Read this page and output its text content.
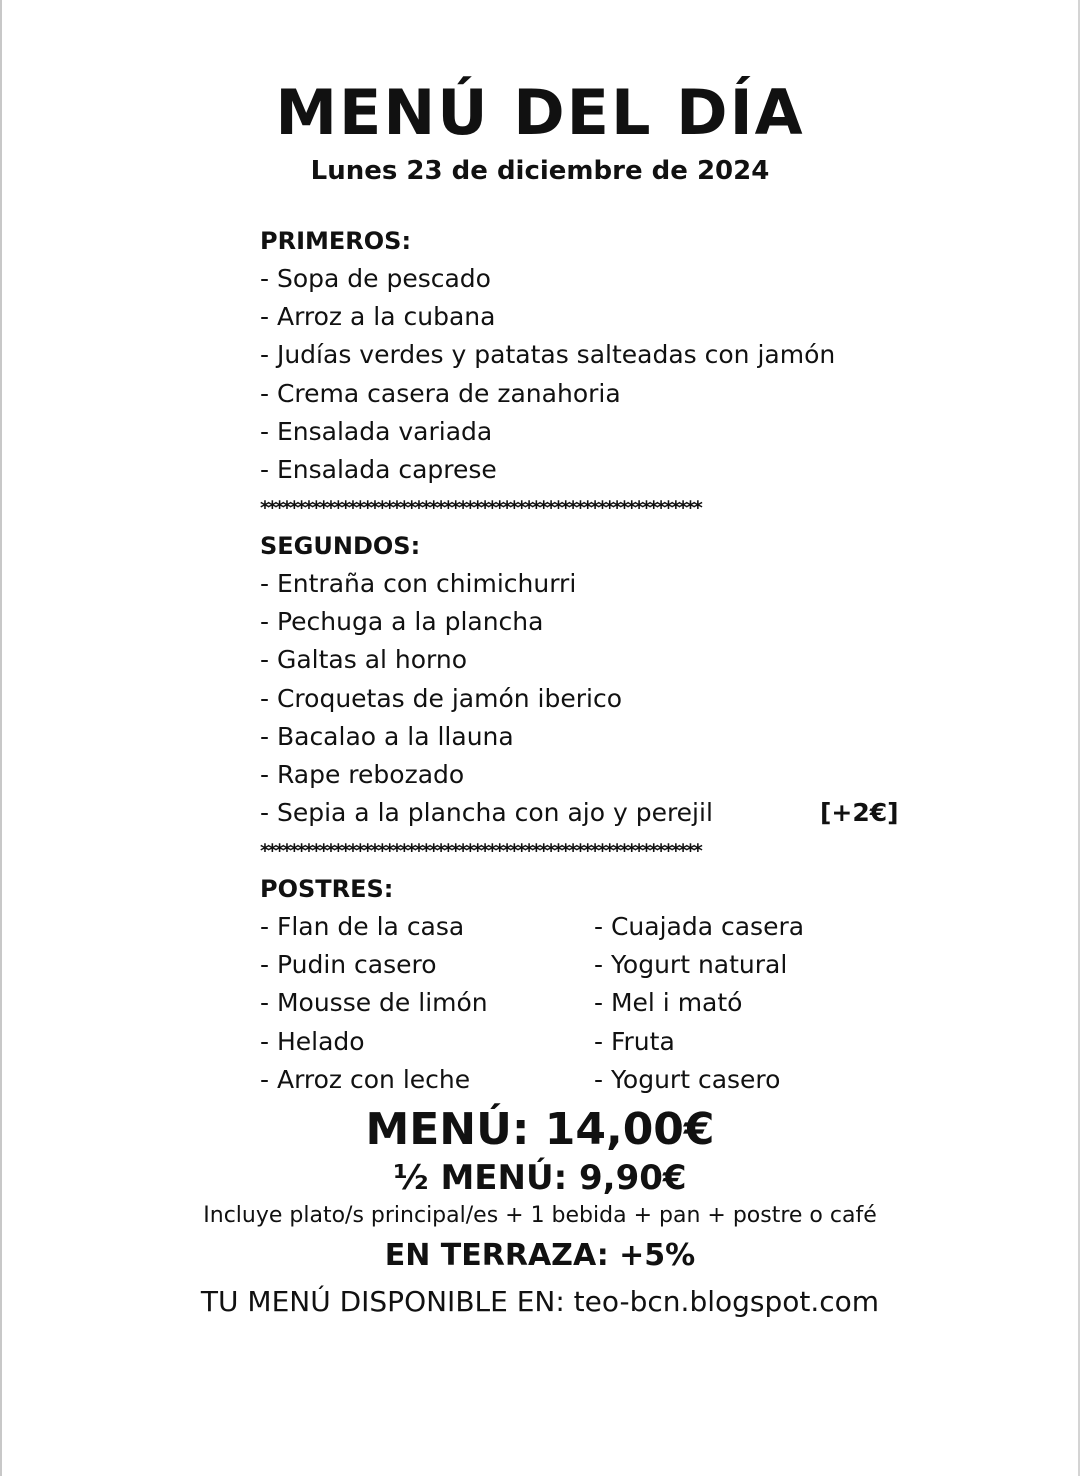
MENÚ DEL DÍA
Lunes 23 de diciembre de 2024
PRIMEROS:
- Sopa de pescado
- Arroz a la cubana
- Judías verdes y patatas salteadas con jamón
- Crema casera de zanahoria
- Ensalada variada
- Ensalada caprese
************************************************************
SEGUNDOS:
- Entraña con chimichurri
- Pechuga a la plancha
- Galtas al horno
- Croquetas de jamón iberico
- Bacalao a la llauna
- Rape rebozado
- Sepia a la plancha con ajo y perejil	[+2€]
************************************************************
POSTRES:
- Flan de la casa
- Pudin casero
- Mousse de limón
- Helado
- Arroz con leche
- Cuajada casera
- Yogurt natural
- Mel i mató
- Fruta
- Yogurt casero
MENÚ: 14,00€
½ MENÚ: 9,90€
Incluye plato/s principal/es + 1 bebida + pan + postre o café
EN TERRAZA: +5%
TU MENÚ DISPONIBLE EN: teo-bcn.blogspot.com
